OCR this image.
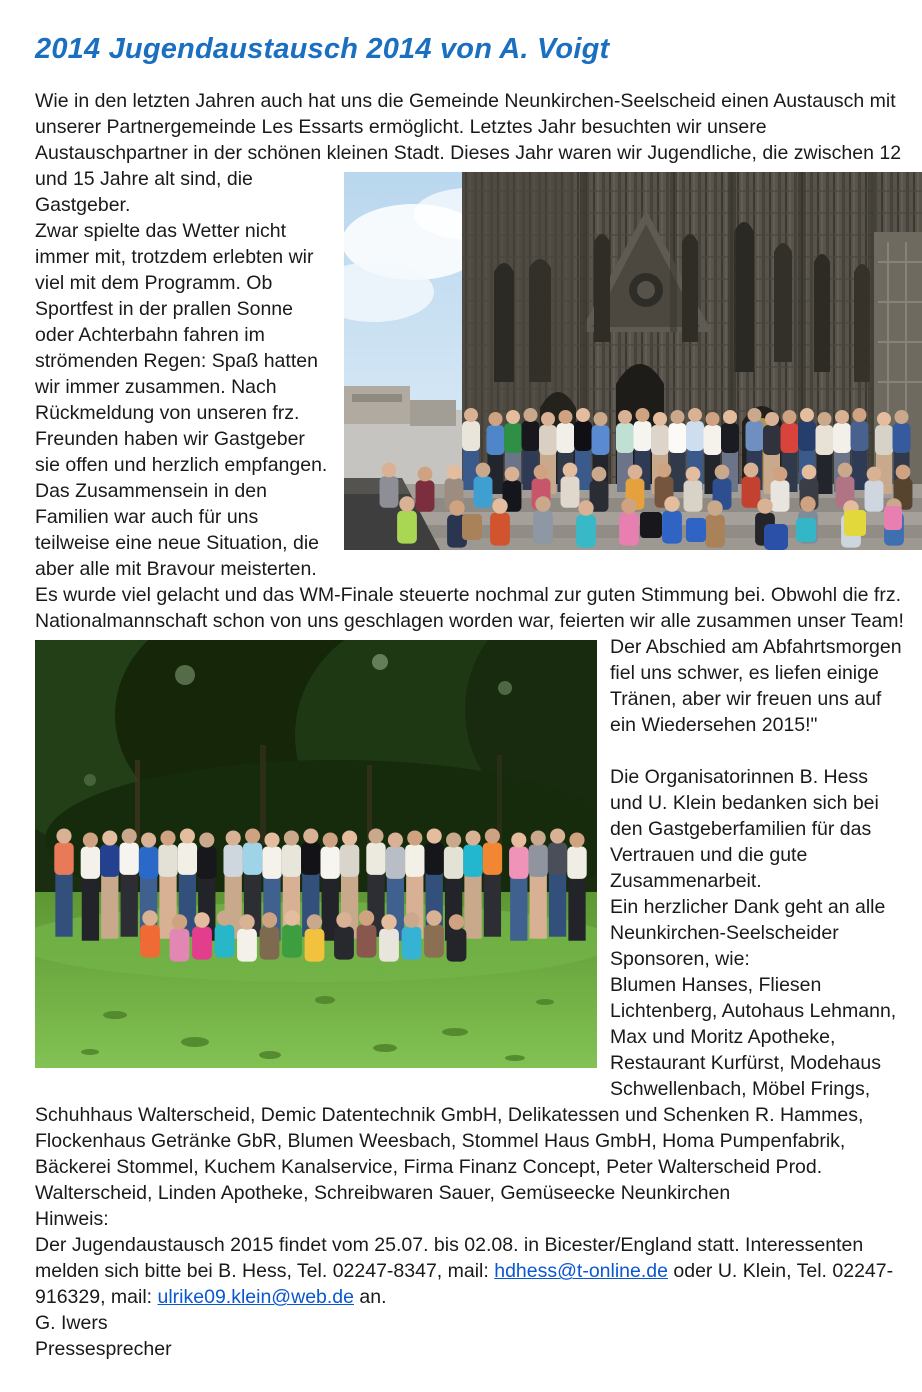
2014 Jugendaustausch 2014 von A. Voigt

Wie in den letzten Jahren auch hat uns die Gemeinde Neunkirchen-Seelscheid einen Austausch mit unserer Partnergemeinde Les Essarts ermöglicht. Letztes Jahr besuchten wir unsere Austauschpartner in der schönen kleinen Stadt. Dieses Jahr waren wir Jugendliche, die zwischen 12
und 15 Jahre alt sind, die Gastgeber.

Zwar spielte das Wetter nicht immer mit, trotzdem erlebten wir viel mit dem Programm. Ob Sportfest in der prallen Sonne oder Achterbahn fahren im strömenden Regen: Spaß hatten wir immer zusammen. Nach Rückmeldung von unseren frz. Freunden haben wir Gastgeber sie offen und herzlich empfangen.

Das Zusammensein in den Familien war auch für uns teilweise eine neue Situation, die aber alle mit Bravour meisterten.

Es wurde viel gelacht und das WM-Finale steuerte nochmal zur guten Stimmung bei. Obwohl die frz. Nationalmannschaft schon von uns geschlagen worden war, feierten wir alle zusammen unser Team!

Der Abschied am Abfahrtsmorgen fiel uns schwer, es liefen einige Tränen, aber wir freuen uns auf ein Wiedersehen 2015!"

Die Organisatorinnen B. Hess und U. Klein bedanken sich bei den Gastgeberfamilien für das Vertrauen und die gute Zusammenarbeit.

Ein herzlicher Dank geht an alle Neunkirchen-Seelscheider Sponsoren, wie:

Blumen Hanses, Fliesen Lichtenberg, Autohaus Lehmann, Max und Moritz Apotheke, Restaurant Kurfürst, Modehaus Schwellenbach, Möbel Frings, Schuhhaus Walterscheid, Demic Datentechnik GmbH, Delikatessen und Schenken R. Hammes, Flockenhaus Getränke GbR, Blumen Weesbach, Stommel Haus GmbH, Homa Pumpenfabrik, Bäckerei Stommel, Kuchem Kanalservice, Firma Finanz Concept, Peter Walterscheid Prod. Walterscheid, Linden Apotheke, Schreibwaren Sauer, Gemüseecke Neunkirchen

Hinweis:

Der Jugendaustausch 2015 findet vom 25.07. bis 02.08. in Bicester/England statt. Interessenten melden sich bitte bei B. Hess, Tel. 02247-8347, mail: hdhess@t-online.de oder U. Klein, Tel. 02247-916329, mail: ulrike09.klein@web.de an.

G. Iwers

Pressesprecher
